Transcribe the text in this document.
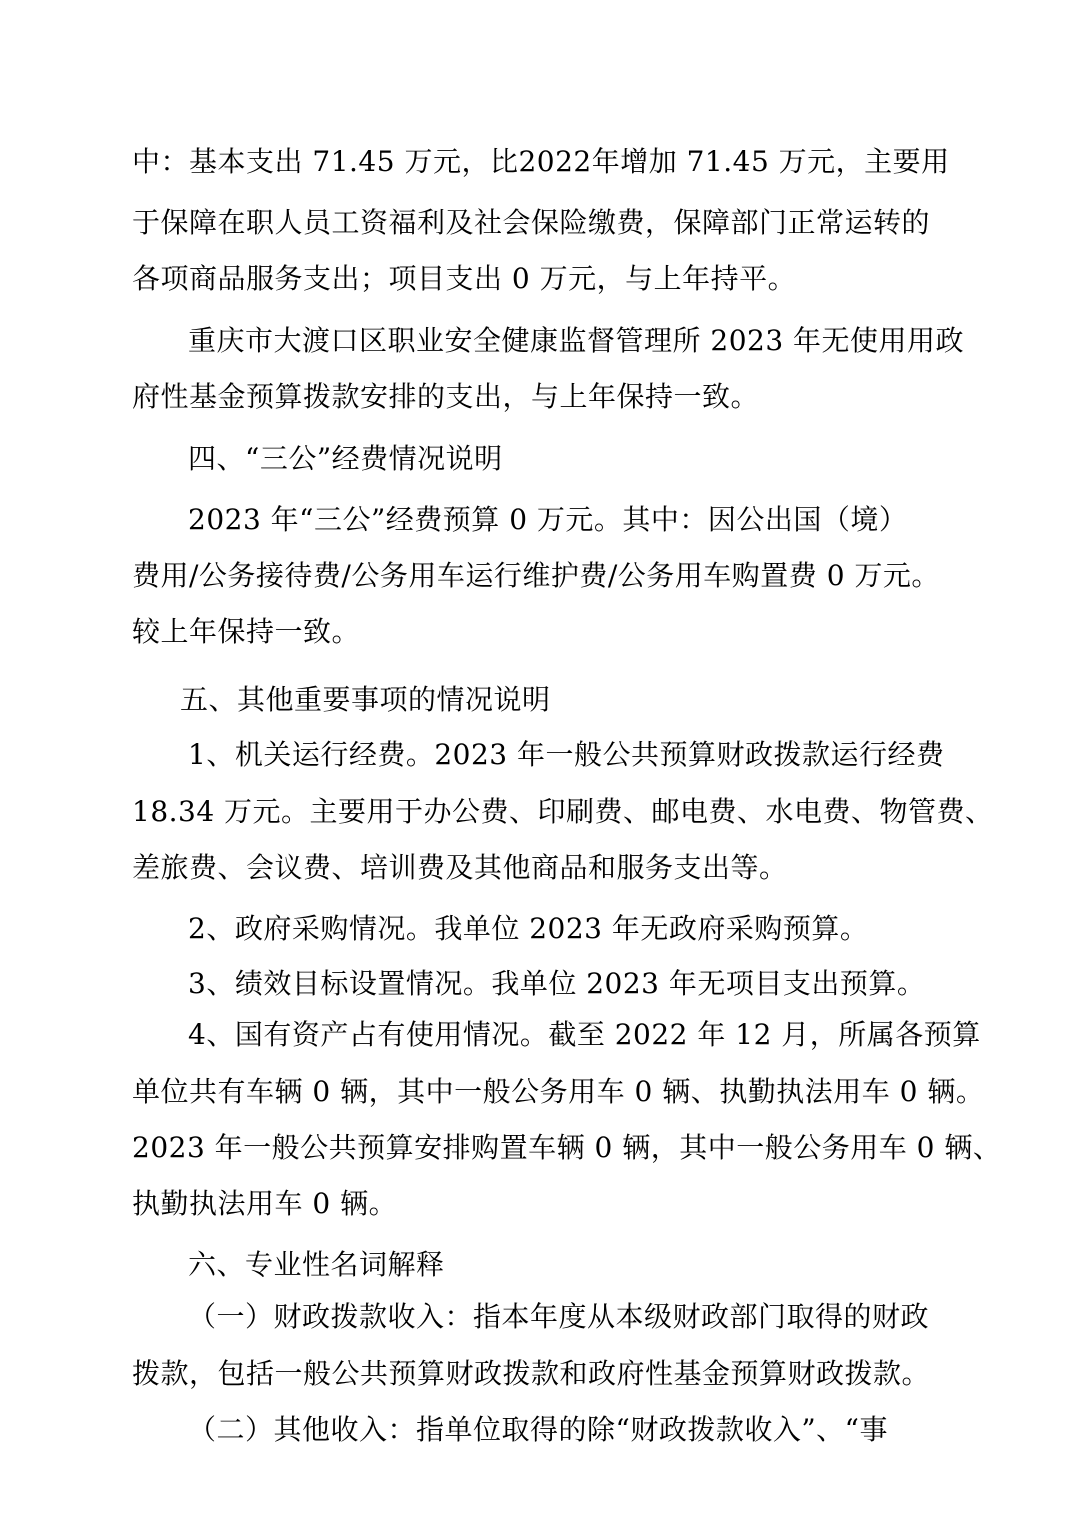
中：基本支出 71.45 万元，比2022年增加 71.45 万元，主要用
于保障在职人员工资福利及社会保险缴费，保障部门正常运转的
各项商品服务支出；项目支出 0 万元，与上年持平。
重庆市大渡口区职业安全健康监督管理所 2023 年无使用用政
府性基金预算拨款安排的支出，与上年保持一致。
四、“三公”经费情况说明
2023 年“三公”经费预算 0 万元。其中：因公出国（境）
费用/公务接待费/公务用车运行维护费/公务用车购置费 0 万元。
较上年保持一致。
五、其他重要事项的情况说明
1、机关运行经费。2023 年一般公共预算财政拨款运行经费
18.34 万元。主要用于办公费、印刷费、邮电费、水电费、物管费、
差旅费、会议费、培训费及其他商品和服务支出等。
2、政府采购情况。我单位 2023 年无政府采购预算。
3、绩效目标设置情况。我单位 2023 年无项目支出预算。
4、国有资产占有使用情况。截至 2022 年 12 月，所属各预算
单位共有车辆 0 辆，其中一般公务用车 0 辆、执勤执法用车 0 辆。
2023 年一般公共预算安排购置车辆 0 辆，其中一般公务用车 0 辆、
执勤执法用车 0 辆。
六、专业性名词解释
（一）财政拨款收入：指本年度从本级财政部门取得的财政
拨款，包括一般公共预算财政拨款和政府性基金预算财政拨款。
（二）其他收入：指单位取得的除“财政拨款收入”、“事
